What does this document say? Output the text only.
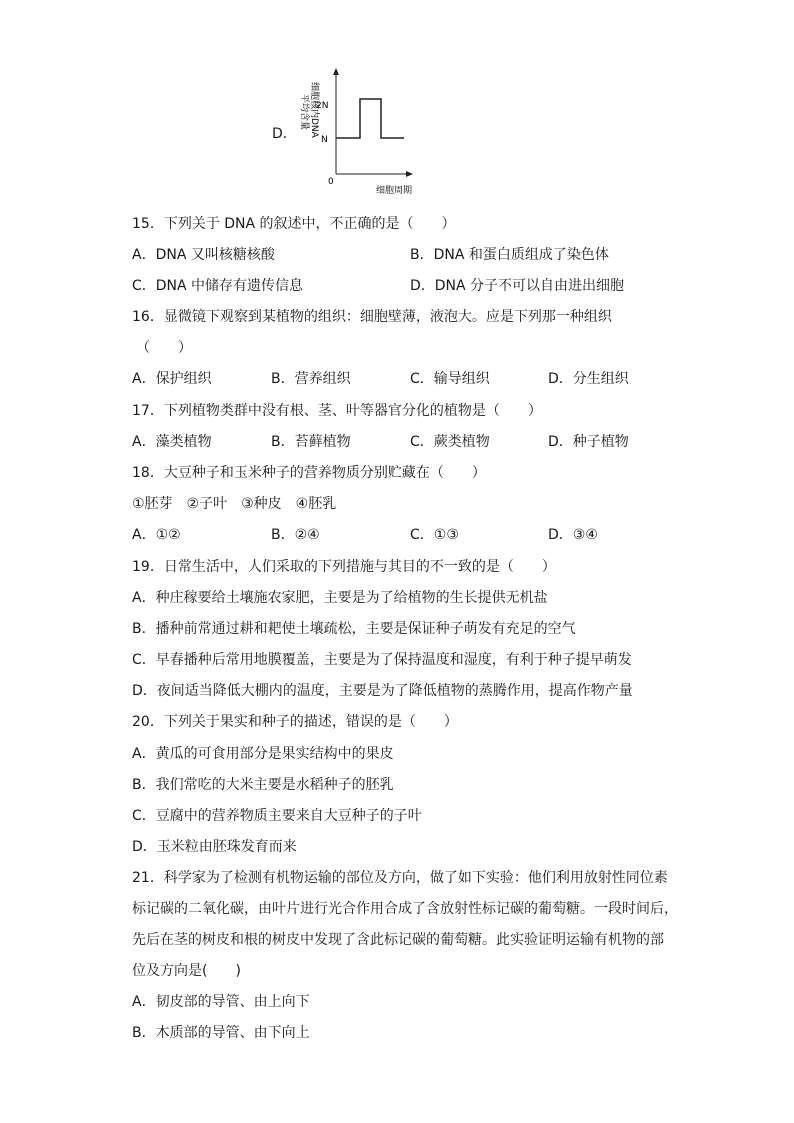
D． 细胞核内DNA
平均含量 2N
N
0
细胞周期
15．下列关于 DNA 的叙述中，不正确的是（　　）
A．DNA 又叫核糖核酸	B．DNA 和蛋白质组成了染色体
C．DNA 中储存有遗传信息	D．DNA 分子不可以自由进出细胞
16．显微镜下观察到某植物的组织：细胞壁薄，液泡大。应是下列那一种组织
（　　）
A．保护组织	B．营养组织	C．输导组织	D．分生组织
17．下列植物类群中没有根、茎、叶等器官分化的植物是（　　）
A．藻类植物	B．苔藓植物	C．蕨类植物	D．种子植物
18．大豆种子和玉米种子的营养物质分别贮藏在（　　）
①胚芽　②子叶　③种皮　④胚乳
A．①②	B．②④	C．①③	D．③④
19．日常生活中，人们采取的下列措施与其目的不一致的是（　　）
A．种庄稼要给土壤施农家肥，主要是为了给植物的生长提供无机盐
B．播种前常通过耕和耙使土壤疏松，主要是保证种子萌发有充足的空气
C．早春播种后常用地膜覆盖，主要是为了保持温度和湿度，有利于种子提早萌发
D．夜间适当降低大棚内的温度，主要是为了降低植物的蒸腾作用，提高作物产量
20．下列关于果实和种子的描述，错误的是（　　）
A．黄瓜的可食用部分是果实结构中的果皮
B．我们常吃的大米主要是水稻种子的胚乳
C．豆腐中的营养物质主要来自大豆种子的子叶
D．玉米粒由胚珠发育而来
21．科学家为了检测有机物运输的部位及方向，做了如下实验：他们利用放射性同位素
标记碳的二氧化碳，由叶片进行光合作用合成了含放射性标记碳的葡萄糖。一段时间后，
先后在茎的树皮和根的树皮中发现了含此标记碳的葡萄糖。此实验证明运输有机物的部
位及方向是(　　)
A．韧皮部的导管、由上向下
B．木质部的导管、由下向上
